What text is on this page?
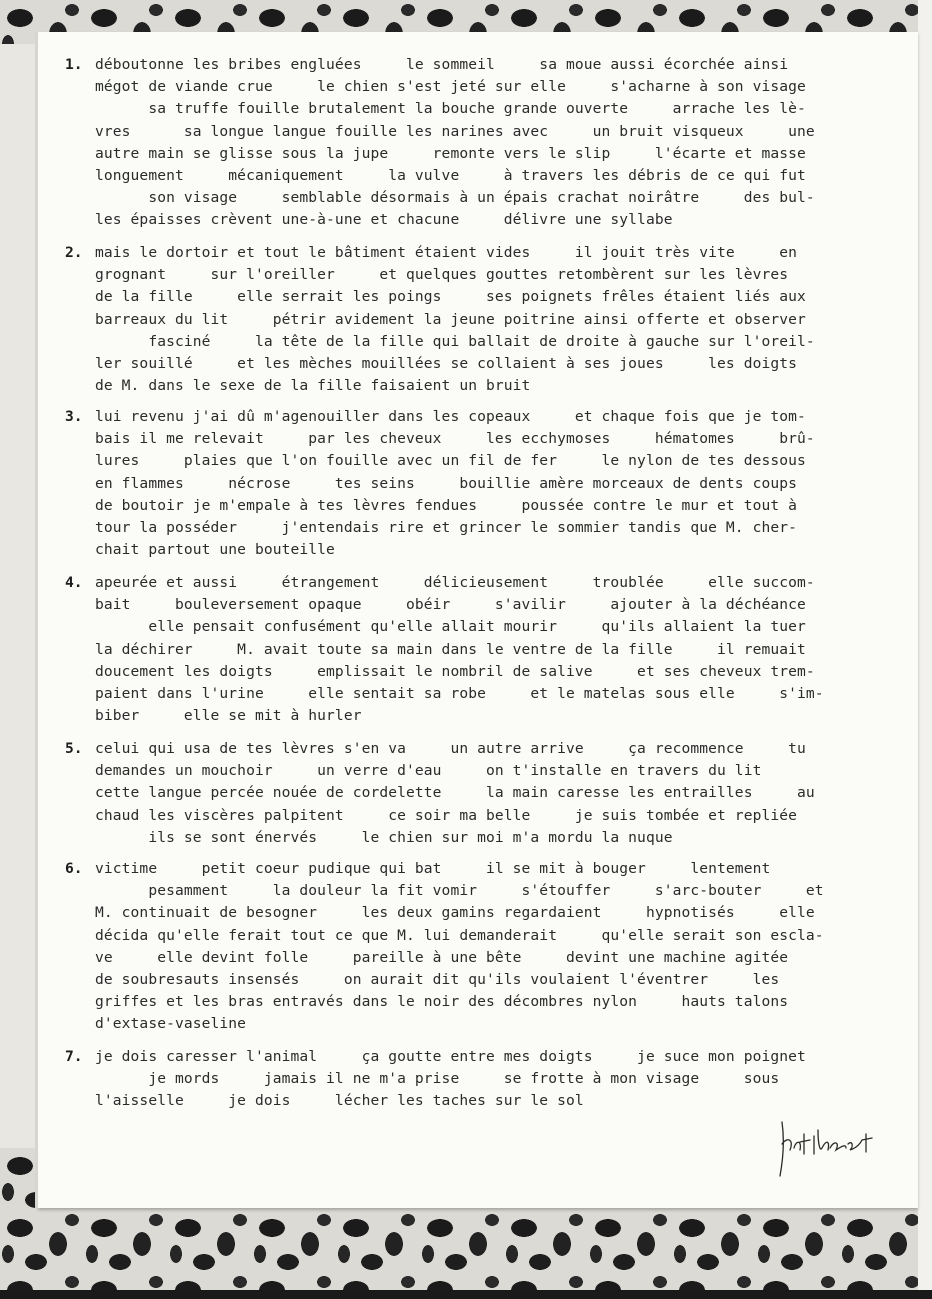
1. déboutonne les bribes engluées     le sommeil     sa moue aussi écorchée ainsi
mégot de viande crue     le chien s'est jeté sur elle     s'acharne à son visage
sa truffe fouille brutalement la bouche grande ouverte     arrache les lè-
vres      sa longue langue fouille les narines avec     un bruit visqueux     une
autre main se glisse sous la jupe     remonte vers le slip     l'écarte et masse
longuement     mécaniquement     la vulve     à travers les débris de ce qui fut
son visage     semblable désormais à un épais crachat noirâtre     des bul-
les épaisses crèvent une-à-une et chacune     délivre une syllabe
2. mais le dortoir et tout le bâtiment étaient vides     il jouit très vite     en
grognant     sur l'oreiller     et quelques gouttes retombèrent sur les lèvres
de la fille     elle serrait les poings     ses poignets frêles étaient liés aux
barreaux du lit     pétrir avidement la jeune poitrine ainsi offerte et observer
fasciné     la tête de la fille qui ballait de droite à gauche sur l'oreil-
ler souillé     et les mèches mouillées se collaient à ses joues     les doigts
de M. dans le sexe de la fille faisaient un bruit
3. lui revenu j'ai dû m'agenouiller dans les copeaux     et chaque fois que je tom-
bais il me relevait     par les cheveux     les ecchymoses     hématomes     brû-
lures     plaies que l'on fouille avec un fil de fer     le nylon de tes dessous
en flammes     nécrose     tes seins     bouillie amère morceaux de dents coups
de boutoir je m'empale à tes lèvres fendues     poussée contre le mur et tout à
tour la posséder     j'entendais rire et grincer le sommier tandis que M. cher-
chait partout une bouteille
4. apeurée et aussi     étrangement     délicieusement     troublée     elle succom-
bait     bouleversement opaque     obéir     s'avilir     ajouter à la déchéance
elle pensait confusément qu'elle allait mourir     qu'ils allaient la tuer
la déchirer     M. avait toute sa main dans le ventre de la fille     il remuait
doucement les doigts     emplissait le nombril de salive     et ses cheveux trem-
paient dans l'urine     elle sentait sa robe     et le matelas sous elle     s'im-
biber     elle se mit à hurler
5. celui qui usa de tes lèvres s'en va     un autre arrive     ça recommence     tu
demandes un mouchoir     un verre d'eau     on t'installe en travers du lit
cette langue percée nouée de cordelette     la main caresse les entrailles     au
chaud les viscères palpitent     ce soir ma belle     je suis tombée et repliée
ils se sont énervés     le chien sur moi m'a mordu la nuque
6. victime     petit coeur pudique qui bat     il se mit à bouger     lentement
pesamment     la douleur la fit vomir     s'étouffer     s'arc-bouter     et
M. continuait de besogner     les deux gamins regardaient     hypnotisés     elle
décida qu'elle ferait tout ce que M. lui demanderait     qu'elle serait son escla-
ve     elle devint folle     pareille à une bête     devint une machine agitée
de soubresauts insensés     on aurait dit qu'ils voulaient l'éventrer     les
griffes et les bras entravés dans le noir des décombres nylon     hauts talons
d'extase-vaseline
7. je dois caresser l'animal     ça goutte entre mes doigts     je suce mon poignet
je mords     jamais il ne m'a prise     se frotte à mon visage     sous
l'aisselle     je dois     lécher les taches sur le sol
